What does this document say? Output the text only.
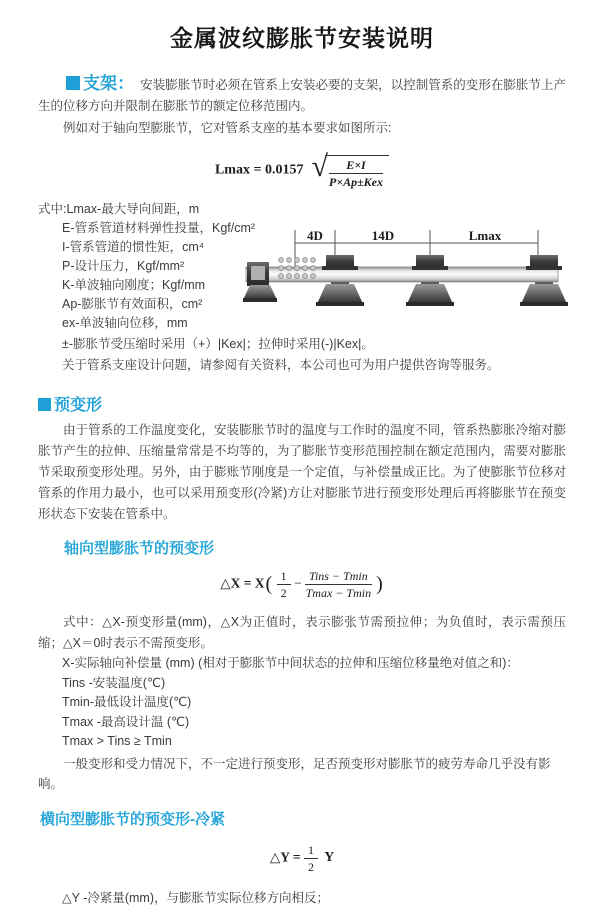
金属波纹膨胀节安装说明

支架： 安装膨胀节时必须在管系上安装必要的支架，以控制管系的变形在膨胀节上产生的位移方向并限制在膨胀节的额定位移范围内。

例如对于轴向型膨胀节，它对管系支座的基本要求如图所示:

Lmax = 0.0157 √ $\frac{E\times I}{\text{P×Ap±Kex}}$
式中:Lmax-最大导向间距，m
E-管系管道材料弹性投量，Kgf/cm²
I-管系管道的惯性矩，cm⁴
P-设计压力，Kgf/mm²
K-单波轴向刚度；Kgf/mm
Ap-膨胀节有效面积，cm²
ex-单波轴向位移，mm
4D	14D	Lmax

±-膨胀节受压缩时采用（+）|Kex|；拉伸时采用(-)|Kex|。

关于管系支座设计问题，请参阅有关资料，本公司也可为用户提供咨询等服务。

预变形

由于管系的工作温度变化，安装膨胀节时的温度与工作时的温度不同，管系热膨胀冷缩对膨胀节产生的拉伸、压缩量常常是不均等的，为了膨胀节变形范围控制在额定范围内，需要对膨胀节采取预变形处理。另外，由于膨账节刚度是一个定值，与补偿量成正比。为了使膨胀节位移对管系的作用力最小，也可以采用预变形(冷紧)方让对膨胀节进行预变形处理后再将膨胀节在预变形状态下安装在管系中。

轴向型膨胀节的预变形
△X = $X( \frac{1}{2} - \frac{\text{Tins − Tmin}}{Tmax - Tmin}$ )

式中：△X-预变形量(mm)，△X为正值时，表示膨张节需预拉伸；为负值时，表示需预压缩；△X＝0时表示不需预变形。

X-实际轴向补偿量 (mm) (相对于膨胀节中间状态的拉伸和压缩位移量绝对值之和)：
Tins -安装温度(℃)
Tmin-最低设计温度(℃)
Tmax -最高设计温 (℃)
Tmax > Tins ≥ Tmin

一般变形和受力情况下，不一定进行预变形，足否预变形对膨胀节的疲劳寿命几乎没有影响。

横向型膨胀节的预变形-冷紧
△Y = $\frac{1}{2}$ Y

△Y -冷紧量(mm)，与膨胀节实际位移方向相反；
